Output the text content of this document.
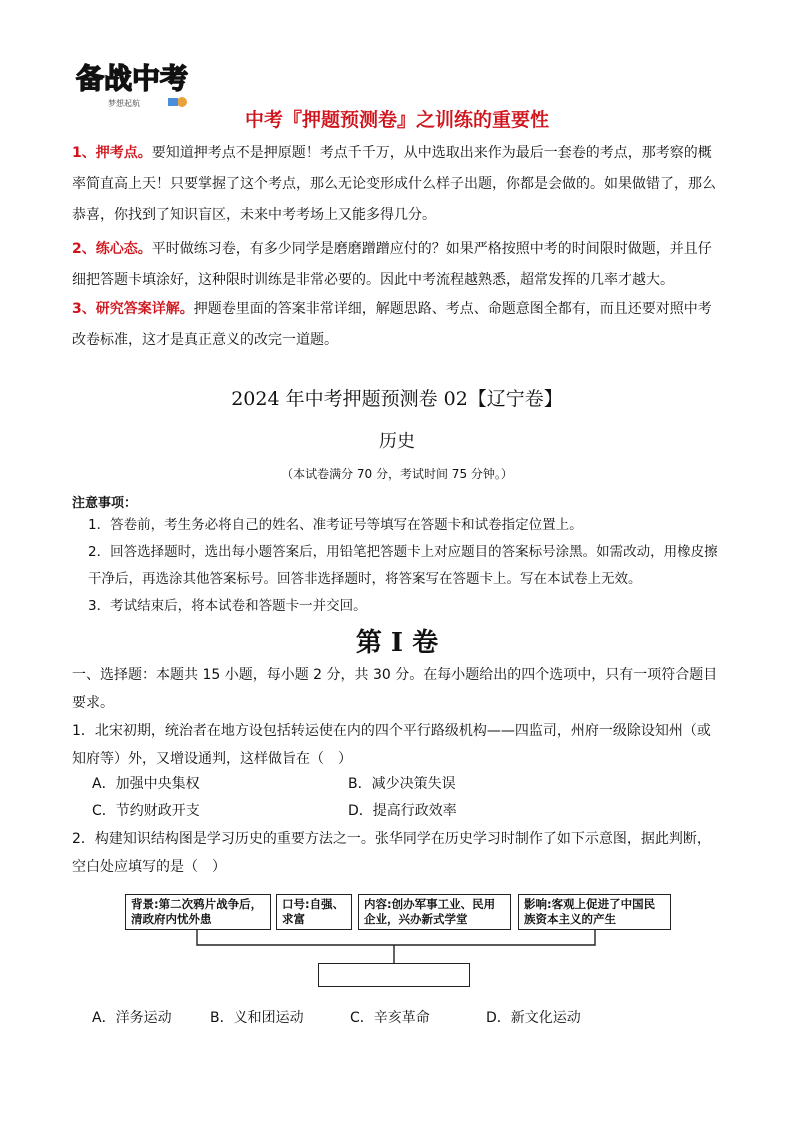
备战中考
梦想起航
中考『押题预测卷』之训练的重要性
1、押考点。要知道押考点不是押原题！考点千千万，从中选取出来作为最后一套卷的考点，那考察的概率简直高上天！只要掌握了这个考点，那么无论变形成什么样子出题，你都是会做的。如果做错了，那么恭喜，你找到了知识盲区，未来中考考场上又能多得几分。
2、练心态。平时做练习卷，有多少同学是磨磨蹭蹭应付的？如果严格按照中考的时间限时做题，并且仔细把答题卡填涂好，这种限时训练是非常必要的。因此中考流程越熟悉，超常发挥的几率才越大。
3、研究答案详解。押题卷里面的答案非常详细，解题思路、考点、命题意图全都有，而且还要对照中考改卷标准，这才是真正意义的改完一道题。
2024 年中考押题预测卷 02【辽宁卷】
历史
（本试卷满分 70 分，考试时间 75 分钟。）
注意事项：
1．答卷前，考生务必将自己的姓名、准考证号等填写在答题卡和试卷指定位置上。
2．回答选择题时，选出每小题答案后，用铅笔把答题卡上对应题目的答案标号涂黑。如需改动，用橡皮擦干净后，再选涂其他答案标号。回答非选择题时，将答案写在答题卡上。写在本试卷上无效。
3．考试结束后，将本试卷和答题卡一并交回。
第 I 卷
一、选择题：本题共 15 小题，每小题 2 分，共 30 分。在每小题给出的四个选项中，只有一项符合题目要求。
1．北宋初期，统治者在地方设包括转运使在内的四个平行路级机构——四监司，州府一级除设知州（或知府等）外，又增设通判，这样做旨在（　）
A．加强中央集权	B．减少决策失误
C．节约财政开支	D．提高行政效率
2．构建知识结构图是学习历史的重要方法之一。张华同学在历史学习时制作了如下示意图，据此判断，空白处应填写的是（　）
背景:第二次鸦片战争后，清政府内忧外患
口号:自强、求富
内容:创办军事工业、民用企业，兴办新式学堂
影响:客观上促进了中国民族资本主义的产生
A．洋务运动	B．义和团运动	C．辛亥革命	D．新文化运动
